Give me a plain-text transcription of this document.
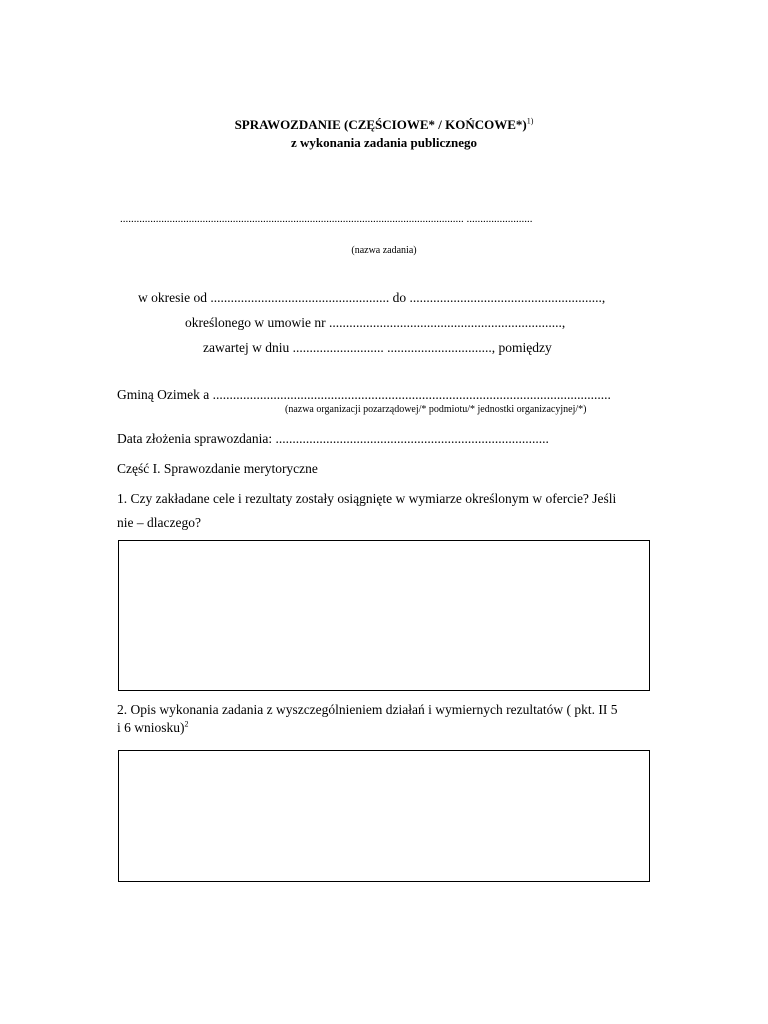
SPRAWOZDANIE (CZĘŚCIOWE* / KOŃCOWE*)$^{1)}$
z wykonania zadania publicznego
............................................................................................................................. ........................
(nazwa zadania)
w okresie od ..................................................... do .........................................................,
określonego w umowie nr .....................................................................,
zawartej w dniu ........................... ..............................., pomiędzy
Gminą Ozimek a ......................................................................................................................
(nazwa organizacji pozarządowej/* podmiotu/* jednostki organizacyjnej/*)
Data złożenia sprawozdania: .................................................................................
Część I. Sprawozdanie merytoryczne
1. Czy zakładane cele i rezultaty zostały osiągnięte w wymiarze określonym w ofercie? Jeśli
nie – dlaczego?
2. Opis wykonania zadania z wyszczególnieniem działań i wymiernych rezultatów ( pkt. II 5
i 6 wniosku)$^2$
